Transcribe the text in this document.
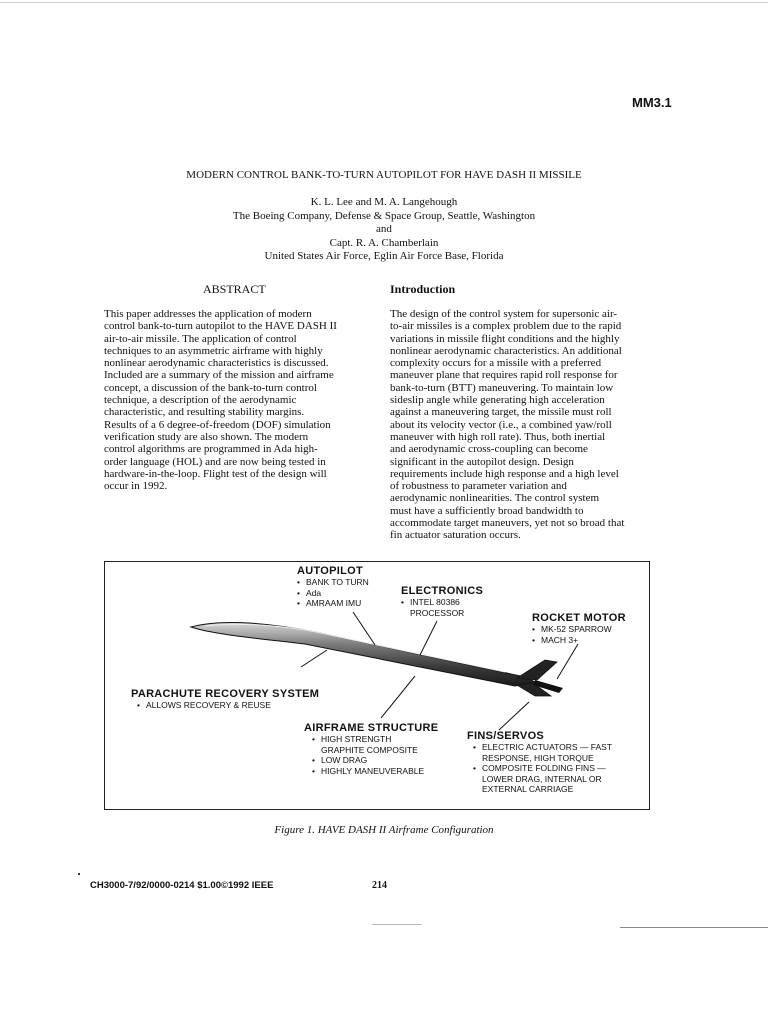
MM3.1
MODERN CONTROL BANK-TO-TURN AUTOPILOT FOR HAVE DASH II MISSILE
K. L. Lee and M. A. Langehough
The Boeing Company, Defense & Space Group, Seattle, Washington
and
Capt. R. A. Chamberlain
United States Air Force, Eglin Air Force Base, Florida
ABSTRACT	Introduction
This paper addresses the application of modern
control bank-to-turn autopilot to the HAVE DASH II
air-to-air missile. The application of control
techniques to an asymmetric airframe with highly
nonlinear aerodynamic characteristics is discussed.
Included are a summary of the mission and airframe
concept, a discussion of the bank-to-turn control
technique, a description of the aerodynamic
characteristic, and resulting stability margins.
Results of a 6 degree-of-freedom (DOF) simulation
verification study are also shown. The modern
control algorithms are programmed in Ada high-
order language (HOL) and are now being tested in
hardware-in-the-loop. Flight test of the design will
occur in 1992.
The design of the control system for supersonic air-
to-air missiles is a complex problem due to the rapid
variations in missile flight conditions and the highly
nonlinear aerodynamic characteristics. An additional
complexity occurs for a missile with a preferred
maneuver plane that requires rapid roll response for
bank-to-turn (BTT) maneuvering. To maintain low
sideslip angle while generating high acceleration
against a maneuvering target, the missile must roll
about its velocity vector (i.e., a combined yaw/roll
maneuver with high roll rate). Thus, both inertial
and aerodynamic cross-coupling can become
significant in the autopilot design. Design
requirements include high response and a high level
of robustness to parameter variation and
aerodynamic nonlinearities. The control system
must have a sufficiently broad bandwidth to
accommodate target maneuvers, yet not so broad that
fin actuator saturation occurs.
AUTOPILOT
• BANK TO TURN
• Ada
• AMRAAM IMU
ELECTRONICS
• INTEL 80386
PROCESSOR	ROCKET MOTOR
• MK-52 SPARROW
• MACH 3+
PARACHUTE RECOVERY SYSTEM
• ALLOWS RECOVERY & REUSE
AIRFRAME STRUCTURE
• HIGH STRENGTH
GRAPHITE COMPOSITE
• LOW DRAG
• HIGHLY MANEUVERABLE
FINS/SERVOS
• ELECTRIC ACTUATORS — FAST
RESPONSE, HIGH TORQUE
• COMPOSITE FOLDING FINS —
LOWER DRAG, INTERNAL OR
EXTERNAL CARRIAGE
Figure 1. HAVE DASH II Airframe Configuration
CH3000-7/92/0000-0214 $1.00©1992 IEEE	214
